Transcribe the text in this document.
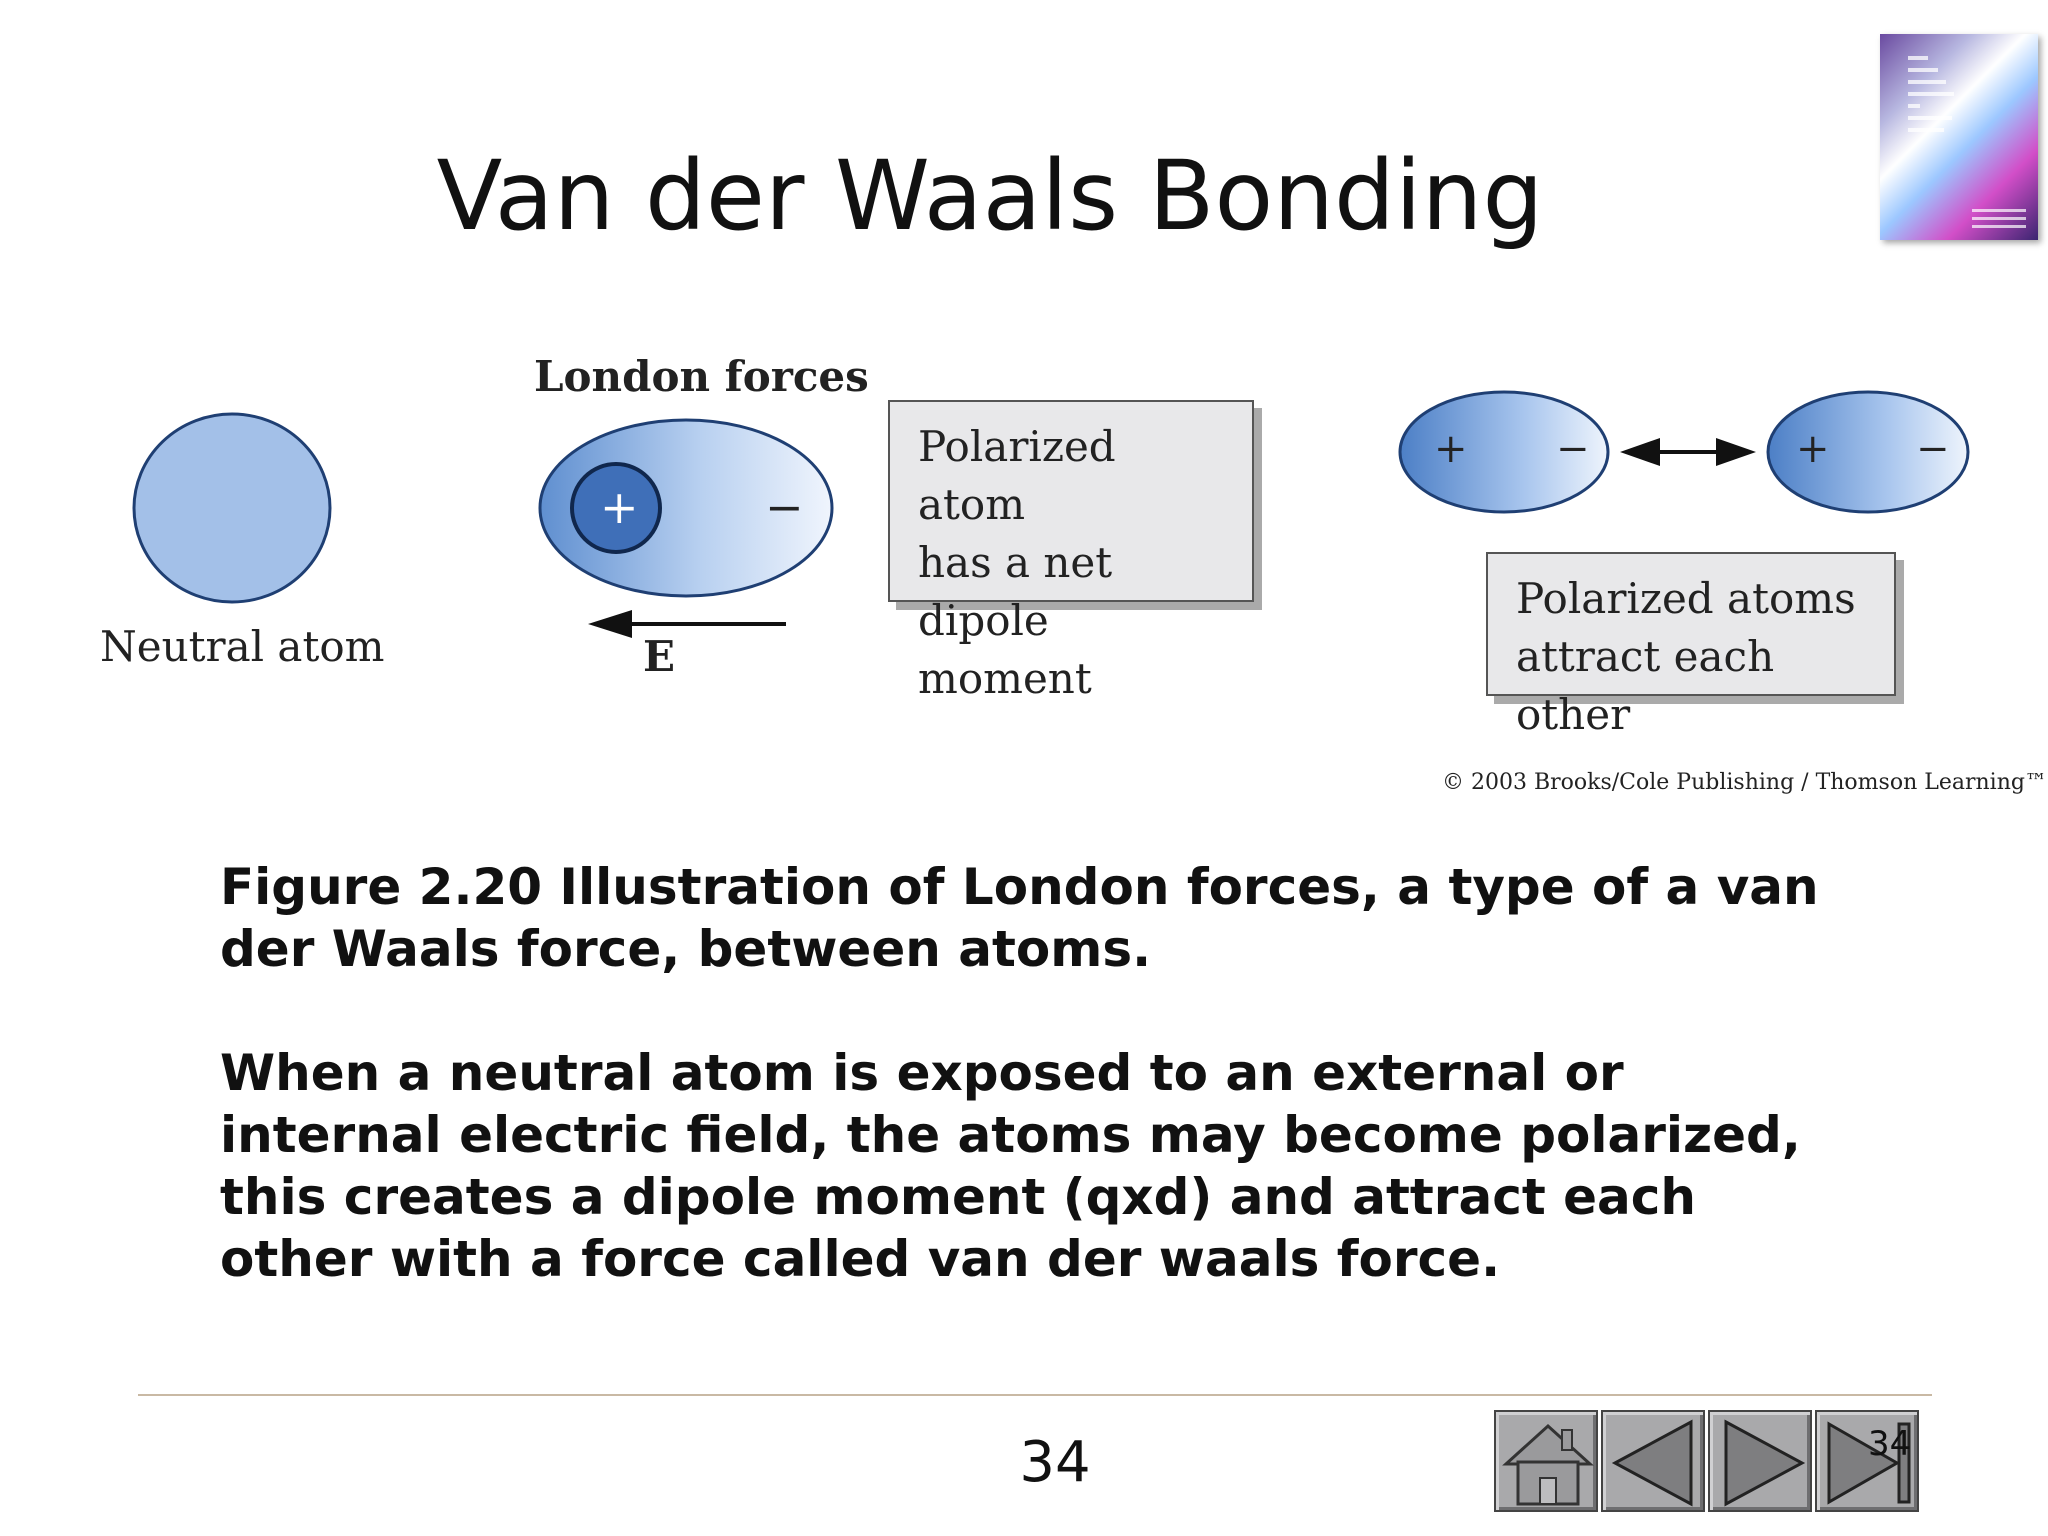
Van der Waals Bonding
London forces
Neutral atom
+	−
E
+ −	+ −
Polarized atom
has a net dipole
moment
Polarized atoms
attract each other
© 2003 Brooks/Cole Publishing / Thomson Learning™

Figure 2.20 Illustration of London forces, a type of a van der Waals force, between atoms.

When a neutral atom is exposed to an external or internal electric field, the atoms may become polarized, this creates a dipole moment (qxd) and attract each other with a force called van der waals force.

34	34
